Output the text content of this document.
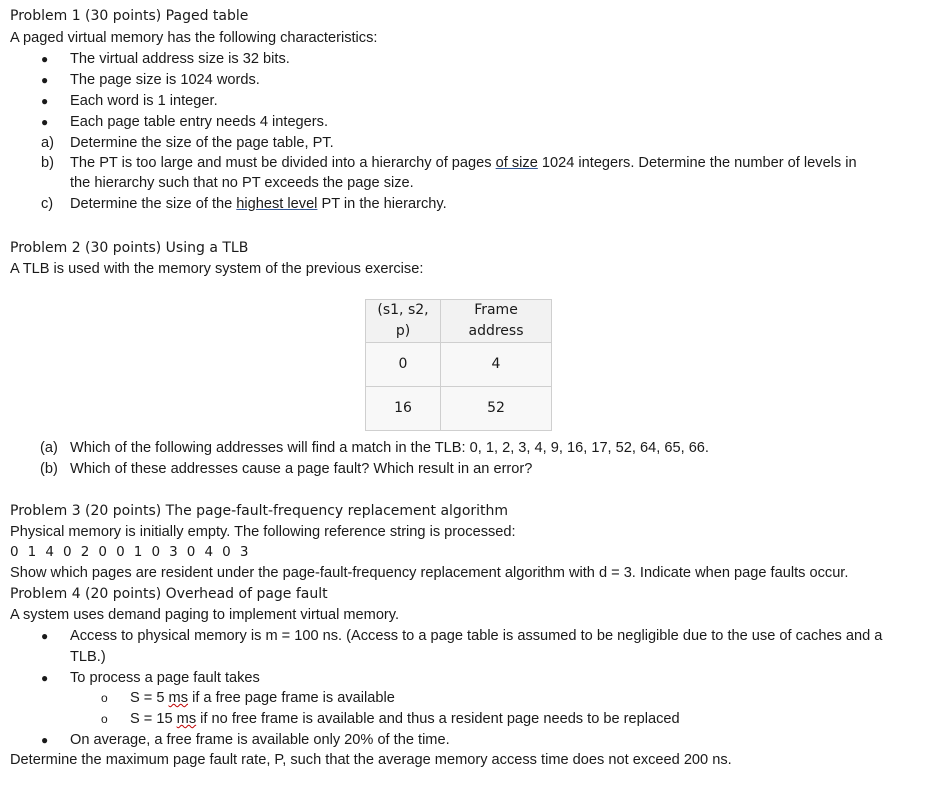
Problem 1 (30 points) Paged table
A paged virtual memory has the following characteristics:
● The virtual address size is 32 bits.
● The page size is 1024 words.
● Each word is 1 integer.
● Each page table entry needs 4 integers.
a)	Determine the size of the page table, PT.
b)	The PT is too large and must be divided into a hierarchy of pages of size 1024 integers. Determine the number of levels in
the hierarchy such that no PT exceeds the page size.
c)	Determine the size of the highest level PT in the hierarchy.
Problem 2 (30 points) Using a TLB
A TLB is used with the memory system of the previous exercise:
(s1, s2, p)	Frame address
0	4
16	52
(a) Which of the following addresses will find a match in the TLB: 0, 1, 2, 3, 4, 9, 16, 17, 52, 64, 65, 66.
(b) Which of these addresses cause a page fault? Which result in an error?
Problem 3 (20 points) The page-fault-frequency replacement algorithm
Physical memory is initially empty. The following reference string is processed:
0 1 4 0 2 0 0 1 0 3 0 4 0 3
Show which pages are resident under the page-fault-frequency replacement algorithm with d = 3. Indicate when page faults occur.
Problem 4 (20 points) Overhead of page fault
A system uses demand paging to implement virtual memory.
● Access to physical memory is m = 100 ns. (Access to a page table is assumed to be negligible due to the use of caches and a
TLB.)
● To process a page fault takes
o S = 5 ms if a free page frame is available
o S = 15 ms if no free frame is available and thus a resident page needs to be replaced
● On average, a free frame is available only 20% of the time.
Determine the maximum page fault rate, P, such that the average memory access time does not exceed 200 ns.
